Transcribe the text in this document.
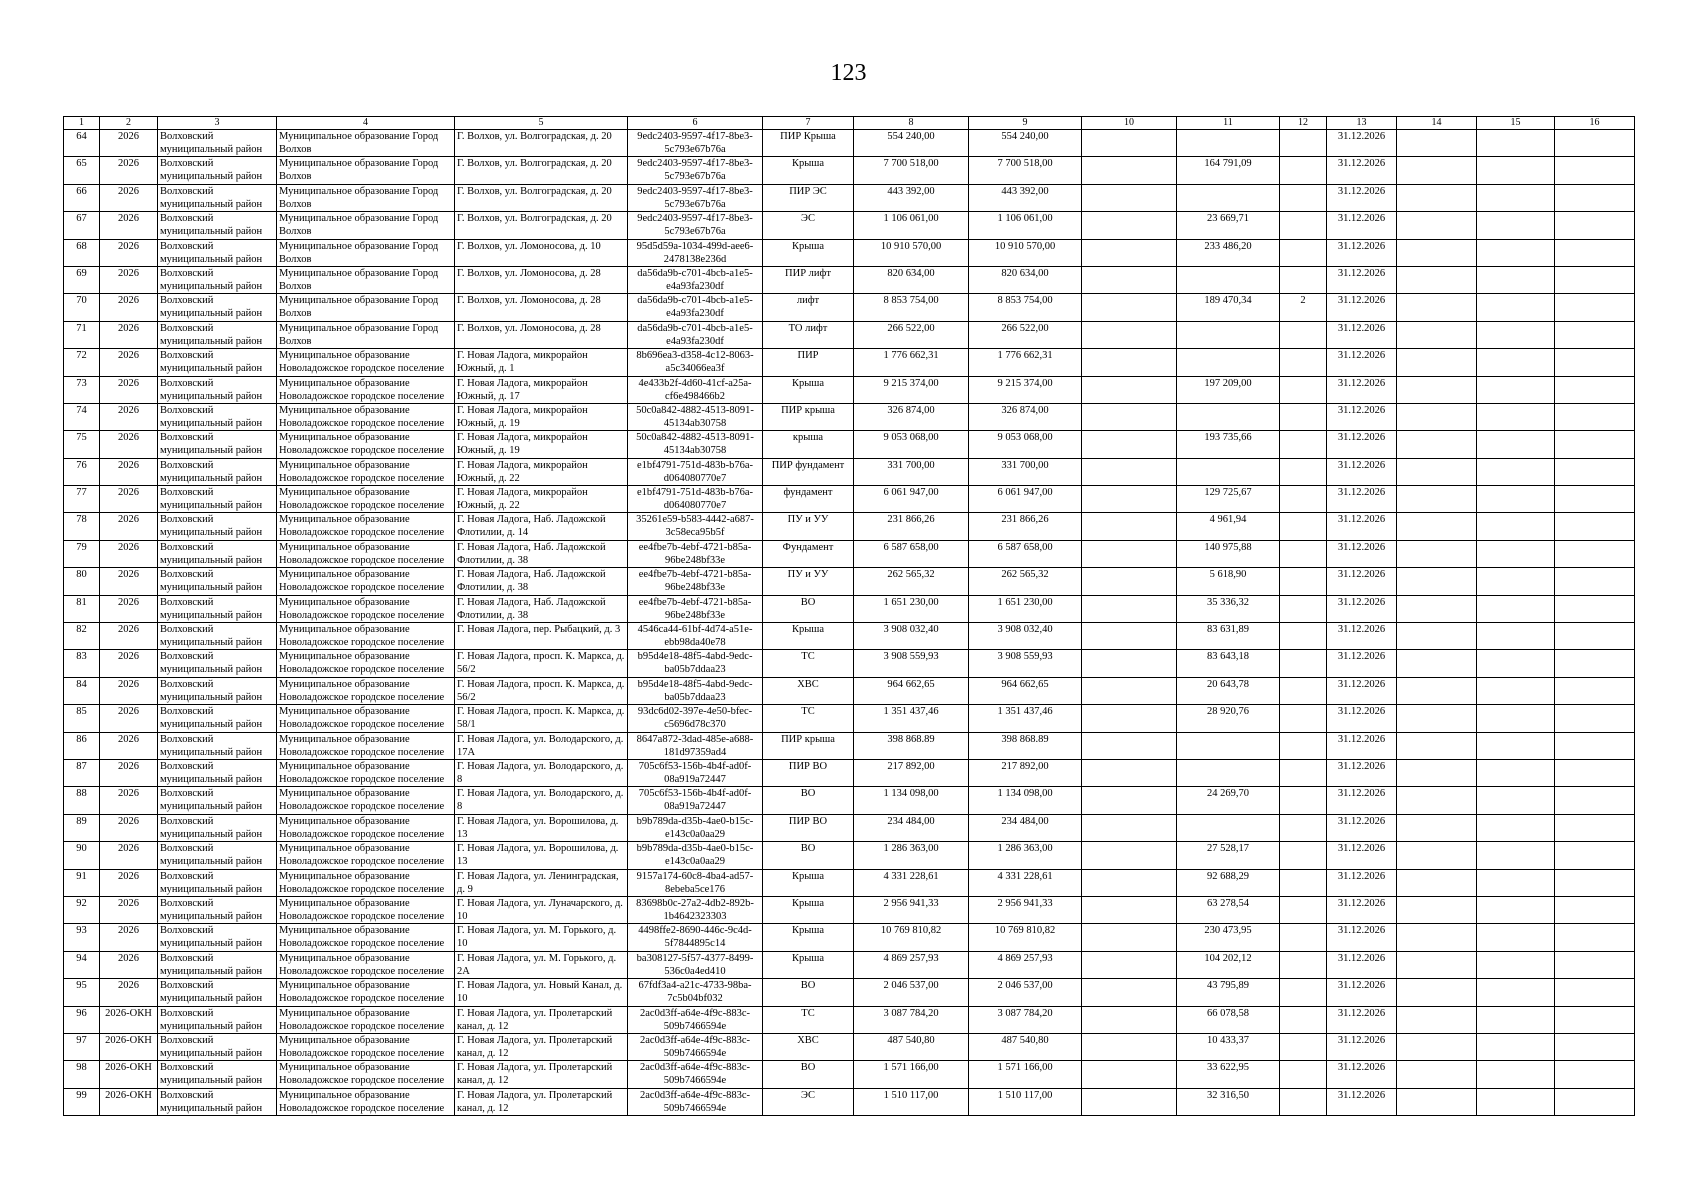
123
1	2	3	4	5	6	7	8	9	10	11	12	13	14	15	16
64	2026	Волховский муниципальный район	Муниципальное образование Город Волхов	Г. Волхов, ул. Волгоградская, д. 20	9edc2403-9597-4f17-8be3-5c793e67b76a	ПИР Крыша	554 240,00	554 240,00				31.12.2026			
65	2026	Волховский муниципальный район	Муниципальное образование Город Волхов	Г. Волхов, ул. Волгоградская, д. 20	9edc2403-9597-4f17-8be3-5c793e67b76a	Крыша	7 700 518,00	7 700 518,00		164 791,09		31.12.2026			
66	2026	Волховский муниципальный район	Муниципальное образование Город Волхов	Г. Волхов, ул. Волгоградская, д. 20	9edc2403-9597-4f17-8be3-5c793e67b76a	ПИР ЭС	443 392,00	443 392,00				31.12.2026			
67	2026	Волховский муниципальный район	Муниципальное образование Город Волхов	Г. Волхов, ул. Волгоградская, д. 20	9edc2403-9597-4f17-8be3-5c793e67b76a	ЭС	1 106 061,00	1 106 061,00		23 669,71		31.12.2026			
68	2026	Волховский муниципальный район	Муниципальное образование Город Волхов	Г. Волхов, ул. Ломоносова, д. 10	95d5d59a-1034-499d-aee6-2478138e236d	Крыша	10 910 570,00	10 910 570,00		233 486,20		31.12.2026			
69	2026	Волховский муниципальный район	Муниципальное образование Город Волхов	Г. Волхов, ул. Ломоносова, д. 28	da56da9b-c701-4bcb-a1e5-e4a93fa230df	ПИР лифт	820 634,00	820 634,00				31.12.2026			
70	2026	Волховский муниципальный район	Муниципальное образование Город Волхов	Г. Волхов, ул. Ломоносова, д. 28	da56da9b-c701-4bcb-a1e5-e4a93fa230df	лифт	8 853 754,00	8 853 754,00		189 470,34	2	31.12.2026			
71	2026	Волховский муниципальный район	Муниципальное образование Город Волхов	Г. Волхов, ул. Ломоносова, д. 28	da56da9b-c701-4bcb-a1e5-e4a93fa230df	ТО лифт	266 522,00	266 522,00				31.12.2026			
72	2026	Волховский муниципальный район	Муниципальное образование Новоладожское городское поселение	Г. Новая Ладога, микрорайон Южный, д. 1	8b696ea3-d358-4c12-8063-a5c34066ea3f	ПИР	1 776 662,31	1 776 662,31				31.12.2026			
73	2026	Волховский муниципальный район	Муниципальное образование Новоладожское городское поселение	Г. Новая Ладога, микрорайон Южный, д. 17	4e433b2f-4d60-41cf-a25a-cf6e498466b2	Крыша	9 215 374,00	9 215 374,00		197 209,00		31.12.2026			
74	2026	Волховский муниципальный район	Муниципальное образование Новоладожское городское поселение	Г. Новая Ладога, микрорайон Южный, д. 19	50c0a842-4882-4513-8091-45134ab30758	ПИР крыша	326 874,00	326 874,00				31.12.2026			
75	2026	Волховский муниципальный район	Муниципальное образование Новоладожское городское поселение	Г. Новая Ладога, микрорайон Южный, д. 19	50c0a842-4882-4513-8091-45134ab30758	крыша	9 053 068,00	9 053 068,00		193 735,66		31.12.2026			
76	2026	Волховский муниципальный район	Муниципальное образование Новоладожское городское поселение	Г. Новая Ладога, микрорайон Южный, д. 22	e1bf4791-751d-483b-b76a-d064080770e7	ПИР фундамент	331 700,00	331 700,00				31.12.2026			
77	2026	Волховский муниципальный район	Муниципальное образование Новоладожское городское поселение	Г. Новая Ладога, микрорайон Южный, д. 22	e1bf4791-751d-483b-b76a-d064080770e7	фундамент	6 061 947,00	6 061 947,00		129 725,67		31.12.2026			
78	2026	Волховский муниципальный район	Муниципальное образование Новоладожское городское поселение	Г. Новая Ладога, Наб. Ладожской Флотилии, д. 14	35261e59-b583-4442-a687-3c58eca95b5f	ПУ и УУ	231 866,26	231 866,26		4 961,94		31.12.2026			
79	2026	Волховский муниципальный район	Муниципальное образование Новоладожское городское поселение	Г. Новая Ладога, Наб. Ладожской Флотилии, д. 38	ee4fbe7b-4ebf-4721-b85a-96be248bf33e	Фундамент	6 587 658,00	6 587 658,00		140 975,88		31.12.2026			
80	2026	Волховский муниципальный район	Муниципальное образование Новоладожское городское поселение	Г. Новая Ладога, Наб. Ладожской Флотилии, д. 38	ee4fbe7b-4ebf-4721-b85a-96be248bf33e	ПУ и УУ	262 565,32	262 565,32		5 618,90		31.12.2026			
81	2026	Волховский муниципальный район	Муниципальное образование Новоладожское городское поселение	Г. Новая Ладога, Наб. Ладожской Флотилии, д. 38	ee4fbe7b-4ebf-4721-b85a-96be248bf33e	ВО	1 651 230,00	1 651 230,00		35 336,32		31.12.2026			
82	2026	Волховский муниципальный район	Муниципальное образование Новоладожское городское поселение	Г. Новая Ладога, пер. Рыбацкий, д. 3	4546ca44-61bf-4d74-a51e-ebb98da40e78	Крыша	3 908 032,40	3 908 032,40		83 631,89		31.12.2026			
83	2026	Волховский муниципальный район	Муниципальное образование Новоладожское городское поселение	Г. Новая Ладога, просп. К. Маркса, д. 56/2	b95d4e18-48f5-4abd-9edc-ba05b7ddaa23	ТС	3 908 559,93	3 908 559,93		83 643,18		31.12.2026			
84	2026	Волховский муниципальный район	Муниципальное образование Новоладожское городское поселение	Г. Новая Ладога, просп. К. Маркса, д. 56/2	b95d4e18-48f5-4abd-9edc-ba05b7ddaa23	ХВС	964 662,65	964 662,65		20 643,78		31.12.2026			
85	2026	Волховский муниципальный район	Муниципальное образование Новоладожское городское поселение	Г. Новая Ладога, просп. К. Маркса, д. 58/1	93dc6d02-397e-4e50-bfec-c5696d78c370	ТС	1 351 437,46	1 351 437,46		28 920,76		31.12.2026			
86	2026	Волховский муниципальный район	Муниципальное образование Новоладожское городское поселение	Г. Новая Ладога, ул. Володарского, д. 17А	8647a872-3dad-485e-a688-181d97359ad4	ПИР крыша	398 868.89	398 868.89				31.12.2026			
87	2026	Волховский муниципальный район	Муниципальное образование Новоладожское городское поселение	Г. Новая Ладога, ул. Володарского, д. 8	705c6f53-156b-4b4f-ad0f-08a919a72447	ПИР ВО	217 892,00	217 892,00				31.12.2026			
88	2026	Волховский муниципальный район	Муниципальное образование Новоладожское городское поселение	Г. Новая Ладога, ул. Володарского, д. 8	705c6f53-156b-4b4f-ad0f-08a919a72447	ВО	1 134 098,00	1 134 098,00		24 269,70		31.12.2026			
89	2026	Волховский муниципальный район	Муниципальное образование Новоладожское городское поселение	Г. Новая Ладога, ул. Ворошилова, д. 13	b9b789da-d35b-4ae0-b15c-e143c0a0aa29	ПИР ВО	234 484,00	234 484,00				31.12.2026			
90	2026	Волховский муниципальный район	Муниципальное образование Новоладожское городское поселение	Г. Новая Ладога, ул. Ворошилова, д. 13	b9b789da-d35b-4ae0-b15c-e143c0a0aa29	ВО	1 286 363,00	1 286 363,00		27 528,17		31.12.2026			
91	2026	Волховский муниципальный район	Муниципальное образование Новоладожское городское поселение	Г. Новая Ладога, ул. Ленинградская, д. 9	9157a174-60c8-4ba4-ad57-8ebeba5ce176	Крыша	4 331 228,61	4 331 228,61		92 688,29		31.12.2026			
92	2026	Волховский муниципальный район	Муниципальное образование Новоладожское городское поселение	Г. Новая Ладога, ул. Луначарского, д. 10	83698b0c-27a2-4db2-892b-1b4642323303	Крыша	2 956 941,33	2 956 941,33		63 278,54		31.12.2026			
93	2026	Волховский муниципальный район	Муниципальное образование Новоладожское городское поселение	Г. Новая Ладога, ул. М. Горького, д. 10	4498ffe2-8690-446c-9c4d-5f7844895c14	Крыша	10 769 810,82	10 769 810,82		230 473,95		31.12.2026			
94	2026	Волховский муниципальный район	Муниципальное образование Новоладожское городское поселение	Г. Новая Ладога, ул. М. Горького, д. 2А	ba308127-5f57-4377-8499-536c0a4ed410	Крыша	4 869 257,93	4 869 257,93		104 202,12		31.12.2026			
95	2026	Волховский муниципальный район	Муниципальное образование Новоладожское городское поселение	Г. Новая Ладога, ул. Новый Канал, д. 10	67fdf3a4-a21c-4733-98ba-7c5b04bf032	ВО	2 046 537,00	2 046 537,00		43 795,89		31.12.2026			
96	2026-ОКН	Волховский муниципальный район	Муниципальное образование Новоладожское городское поселение	Г. Новая Ладога, ул. Пролетарский канал, д. 12	2ac0d3ff-a64e-4f9c-883c-509b7466594e	ТС	3 087 784,20	3 087 784,20		66 078,58		31.12.2026			
97	2026-ОКН	Волховский муниципальный район	Муниципальное образование Новоладожское городское поселение	Г. Новая Ладога, ул. Пролетарский канал, д. 12	2ac0d3ff-a64e-4f9c-883c-509b7466594e	ХВС	487 540,80	487 540,80		10 433,37		31.12.2026			
98	2026-ОКН	Волховский муниципальный район	Муниципальное образование Новоладожское городское поселение	Г. Новая Ладога, ул. Пролетарский канал, д. 12	2ac0d3ff-a64e-4f9c-883c-509b7466594e	ВО	1 571 166,00	1 571 166,00		33 622,95		31.12.2026			
99	2026-ОКН	Волховский муниципальный район	Муниципальное образование Новоладожское городское поселение	Г. Новая Ладога, ул. Пролетарский канал, д. 12	2ac0d3ff-a64e-4f9c-883c-509b7466594e	ЭС	1 510 117,00	1 510 117,00		32 316,50		31.12.2026			
